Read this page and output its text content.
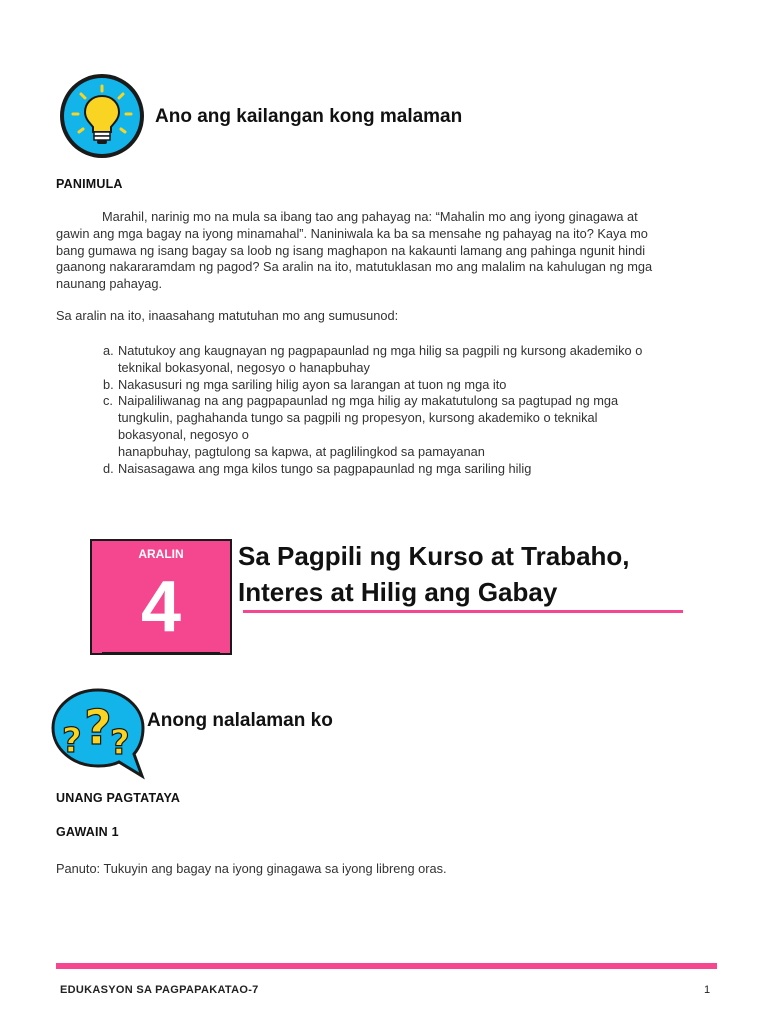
Ano ang kailangan kong malaman
PANIMULA
Marahil, narinig mo na mula sa ibang tao ang pahayag na: “Mahalin mo ang iyong ginagawa at
gawin ang mga bagay na iyong minamahal”. Naniniwala ka ba sa mensahe ng pahayag na ito? Kaya mo
bang gumawa ng isang bagay sa loob ng isang maghapon na kakaunti lamang ang pahinga ngunit hindi
gaanong nakararamdam ng pagod? Sa aralin na ito, matutuklasan mo ang malalim na kahulugan ng mga
naunang pahayag.
Sa aralin na ito, inaasahang matutuhan mo ang sumusunod:
a. Natutukoy ang kaugnayan ng pagpapaunlad ng mga hilig sa pagpili ng kursong akademiko o
teknikal bokasyonal, negosyo o hanapbuhay
b. Nakasusuri ng mga sariling hilig ayon sa larangan at tuon ng mga ito
c. Naipaliliwanag na ang pagpapaunlad ng mga hilig ay makatutulong sa pagtupad ng mga
tungkulin, paghahanda tungo sa pagpili ng propesyon, kursong akademiko o teknikal
bokasyonal, negosyo o
hanapbuhay, pagtulong sa kapwa, at paglilingkod sa pamayanan
d. Naisasagawa ang mga kilos tungo sa pagpapaunlad ng mga sariling hilig
ARALIN
4
Sa Pagpili ng Kurso at Trabaho,
Interes at Hilig ang Gabay
? ?
?
Anong nalalaman ko
UNANG PAGTATAYA
GAWAIN 1
Panuto: Tukuyin ang bagay na iyong ginagawa sa iyong libreng oras.
EDUKASYON SA PAGPAPAKATAO-7	1
